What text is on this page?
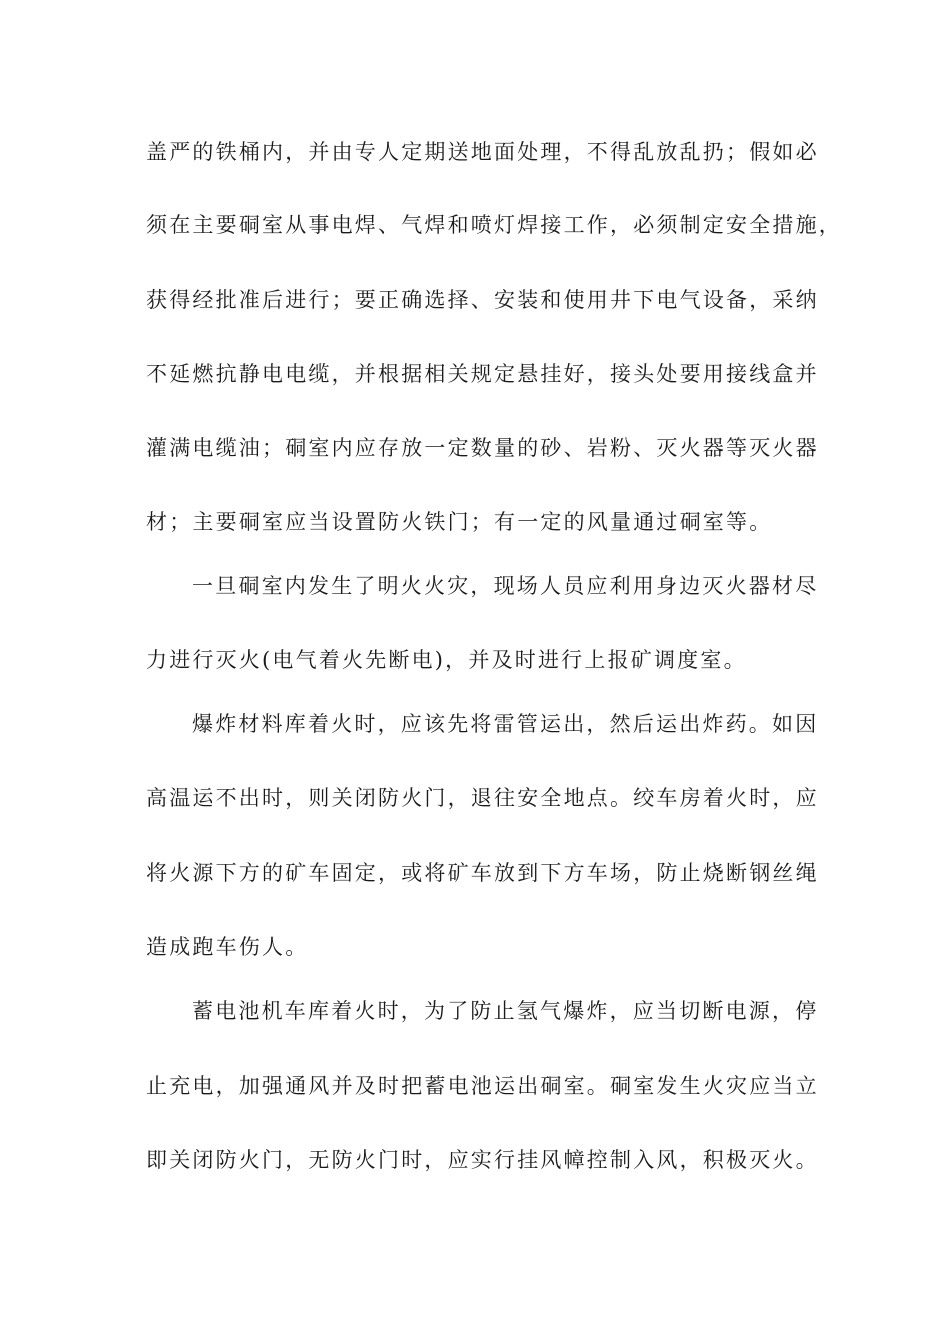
盖严的铁桶内，并由专人定期送地面处理，不得乱放乱扔；假如必
须在主要硐室从事电焊、气焊和喷灯焊接工作，必须制定安全措施，
获得经批准后进行；要正确选择、安装和使用井下电气设备，采纳
不延燃抗静电电缆，并根据相关规定悬挂好，接头处要用接线盒并
灌满电缆油；硐室内应存放一定数量的砂、岩粉、灭火器等灭火器
材；主要硐室应当设置防火铁门；有一定的风量通过硐室等。
一旦硐室内发生了明火火灾，现场人员应利用身边灭火器材尽
力进行灭火(电气着火先断电)，并及时进行上报矿调度室。
爆炸材料库着火时，应该先将雷管运出，然后运出炸药。如因
高温运不出时，则关闭防火门，退往安全地点。绞车房着火时，应
将火源下方的矿车固定，或将矿车放到下方车场，防止烧断钢丝绳
造成跑车伤人。
蓄电池机车库着火时，为了防止氢气爆炸，应当切断电源，停
止充电，加强通风并及时把蓄电池运出硐室。硐室发生火灾应当立
即关闭防火门，无防火门时，应实行挂风幛控制入风，积极灭火。
